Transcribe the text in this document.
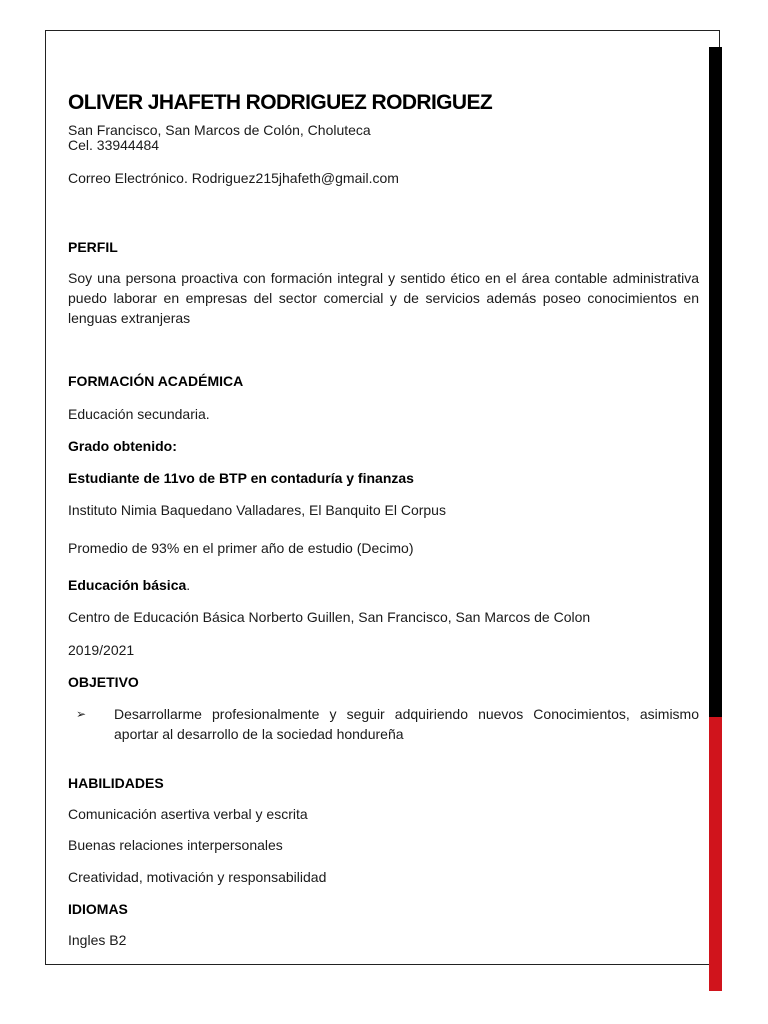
OLIVER JHAFETH RODRIGUEZ RODRIGUEZ
San Francisco, San Marcos de Colón, Choluteca
Cel. 33944484
Correo Electrónico. Rodriguez215jhafeth@gmail.com
PERFIL
Soy una persona proactiva con formación integral y sentido ético en el área contable administrativa puedo laborar en empresas del sector comercial y de servicios además poseo conocimientos en lenguas extranjeras
FORMACIÓN ACADÉMICA
Educación secundaria.
Grado obtenido:
Estudiante de 11vo de BTP en contaduría y finanzas
Instituto Nimia Baquedano Valladares, El Banquito El Corpus
Promedio de 93% en el primer año de estudio (Decimo)
Educación básica.
Centro de Educación Básica Norberto Guillen, San Francisco, San Marcos de Colon
2019/2021
OBJETIVO
➢	Desarrollarme profesionalmente y seguir adquiriendo nuevos Conocimientos, asimismo aportar al desarrollo de la sociedad hondureña
HABILIDADES
Comunicación asertiva verbal y escrita
Buenas relaciones interpersonales
Creatividad, motivación y responsabilidad
IDIOMAS
Ingles B2
